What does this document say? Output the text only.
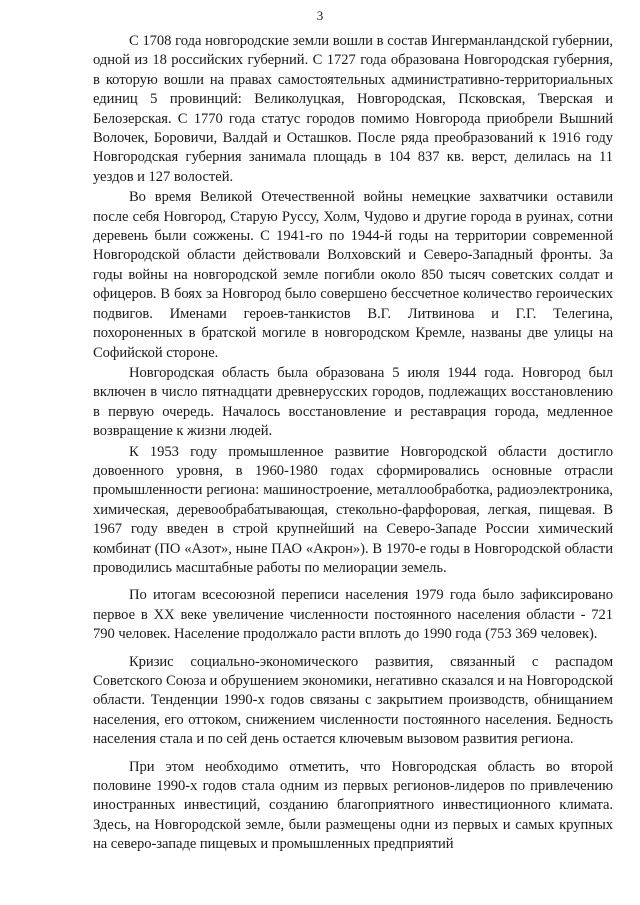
3

С 1708 года новгородские земли вошли в состав Ингерманландской губернии, одной из 18 российских губерний. С 1727 года образована Новгородская губерния, в которую вошли на правах самостоятельных административно-территориальных единиц 5 провинций: Великолуцкая, Новгородская, Псковская, Тверская и Белозерская. С 1770 года статус городов помимо Новгорода приобрели Вышний Волочек, Боровичи, Валдай и Осташков. После ряда преобразований к 1916 году Новгородская губерния занимала площадь в 104 837 кв. верст, делилась на 11 уездов и 127 волостей.

Во время Великой Отечественной войны немецкие захватчики оставили после себя Новгород, Старую Руссу, Холм, Чудово и другие города в руинах, сотни деревень были сожжены. С 1941-го по 1944-й годы на территории современной Новгородской области действовали Волховский и Северо-Западный фронты. За годы войны на новгородской земле погибли около 850 тысяч советских солдат и офицеров. В боях за Новгород было совершено бессчетное количество героических подвигов. Именами героев-танкистов В.Г. Литвинова и Г.Г. Телегина, похороненных в братской могиле в новгородском Кремле, названы две улицы на Софийской стороне.

Новгородская область была образована 5 июля 1944 года. Новгород был включен в число пятнадцати древнерусских городов, подлежащих восстановлению в первую очередь. Началось восстановление и реставрация города, медленное возвращение к жизни людей.

К 1953 году промышленное развитие Новгородской области достигло довоенного уровня, в 1960-1980 годах сформировались основные отрасли промышленности региона: машиностроение, металлообработка, радиоэлектроника, химическая, деревообрабатывающая, стекольно-фарфоровая, легкая, пищевая. В 1967 году введен в строй крупнейший на Северо-Западе России химический комбинат (ПО «Азот», ныне ПАО «Акрон»). В 1970-е годы в Новгородской области проводились масштабные работы по мелиорации земель.

По итогам всесоюзной переписи населения 1979 года было зафиксировано первое в XX веке увеличение численности постоянного населения области - 721 790 человек. Население продолжало расти вплоть до 1990 года (753 369 человек).

Кризис социально-экономического развития, связанный с распадом Советского Союза и обрушением экономики, негативно сказался и на Новгородской области. Тенденции 1990-х годов связаны с закрытием производств, обнищанием населения, его оттоком, снижением численности постоянного населения. Бедность населения стала и по сей день остается ключевым вызовом развития региона.

При этом необходимо отметить, что Новгородская область во второй половине 1990-х годов стала одним из первых регионов-лидеров по привлечению иностранных инвестиций, созданию благоприятного инвестиционного климата. Здесь, на Новгородской земле, были размещены одни из первых и самых крупных на северо-западе пищевых и промышленных предприятий
